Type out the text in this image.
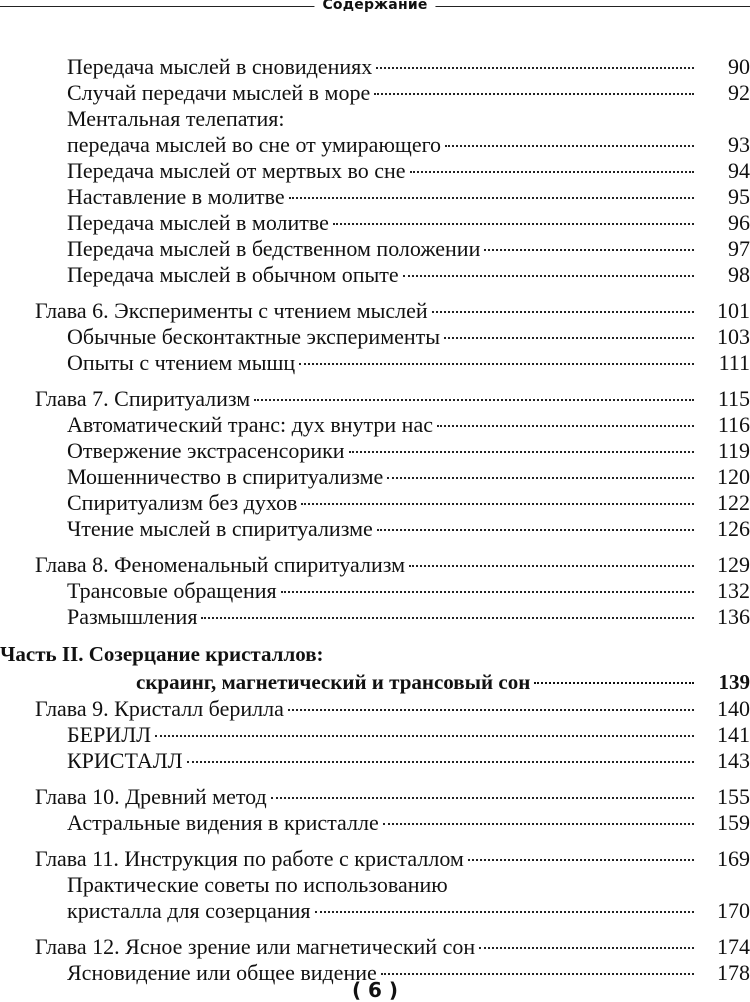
Содержание
Передача мыслей в сновидениях	90
Случай передачи мыслей в море	92
Ментальная телепатия:
передача мыслей во сне от умирающего	93
Передача мыслей от мертвых во сне	94
Наставление в молитве	95
Передача мыслей в молитве	96
Передача мыслей в бедственном положении	97
Передача мыслей в обычном опыте	98
Глава 6. Эксперименты с чтением мыслей	101
Обычные бесконтактные эксперименты	103
Опыты с чтением мышц	111
Глава 7. Спиритуализм	115
Автоматический транс: дух внутри нас	116
Отвержение экстрасенсорики	119
Мошенничество в спиритуализме	120
Спиритуализм без духов	122
Чтение мыслей в спиритуализме	126
Глава 8. Феноменальный спиритуализм	129
Трансовые обращения	132
Размышления	136
Часть II. Созерцание кристаллов:
скраинг, магнетический и трансовый сон	139
Глава 9. Кристалл берилла	140
БЕРИЛЛ	141
КРИСТАЛЛ	143
Глава 10. Древний метод	155
Астральные видения в кристалле	159
Глава 11. Инструкция по работе с кристаллом	169
Практические советы по использованию
кристалла для созерцания	170
Глава 12. Ясное зрение или магнетический сон	174
Ясновидение или общее видение	178
( 6 )
